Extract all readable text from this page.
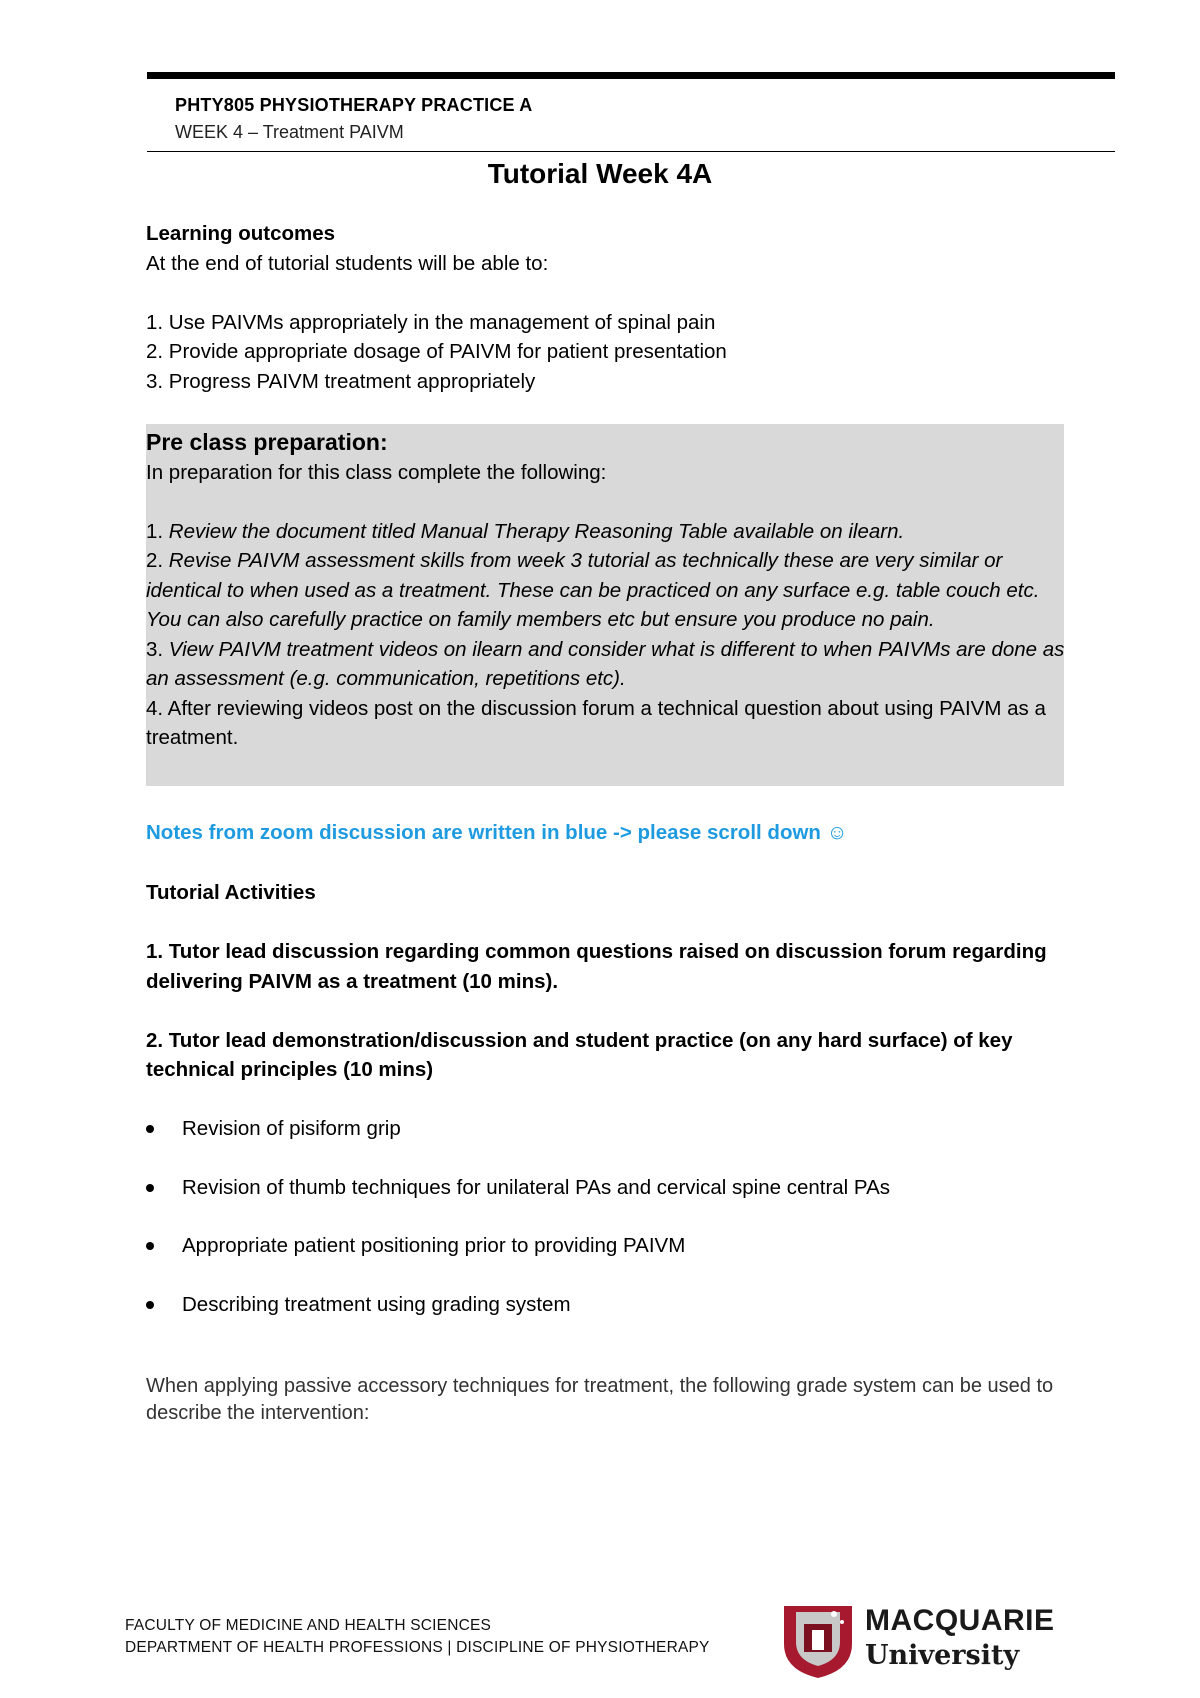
PHTY805 PHYSIOTHERAPY PRACTICE A
WEEK 4 – Treatment PAIVM
Tutorial Week 4A
Learning outcomes
At the end of tutorial students will be able to:
1. Use PAIVMs appropriately in the management of spinal pain
2. Provide appropriate dosage of PAIVM for patient presentation
3. Progress PAIVM treatment appropriately
Pre class preparation:
In preparation for this class complete the following:
1. Review the document titled Manual Therapy Reasoning Table available on ilearn.
2. Revise PAIVM assessment skills from week 3 tutorial as technically these are very similar or identical to when used as a treatment. These can be practiced on any surface e.g. table couch etc. You can also carefully practice on family members etc but ensure you produce no pain.
3. View PAIVM treatment videos on ilearn and consider what is different to when PAIVMs are done as an assessment (e.g. communication, repetitions etc).
4. After reviewing videos post on the discussion forum a technical question about using PAIVM as a treatment.
Notes from zoom discussion are written in blue -> please scroll down ☺
Tutorial Activities
1. Tutor lead discussion regarding common questions raised on discussion forum regarding delivering PAIVM as a treatment (10 mins).
2. Tutor lead demonstration/discussion and student practice (on any hard surface) of key technical principles (10 mins)
Revision of pisiform grip
Revision of thumb techniques for unilateral PAs and cervical spine central PAs
Appropriate patient positioning prior to providing PAIVM
Describing treatment using grading system
When applying passive accessory techniques for treatment, the following grade system can be used to describe the intervention:
FACULTY OF MEDICINE AND HEALTH SCIENCES
DEPARTMENT OF HEALTH PROFESSIONS | DISCIPLINE OF PHYSIOTHERAPY
MACQUARIE
University
